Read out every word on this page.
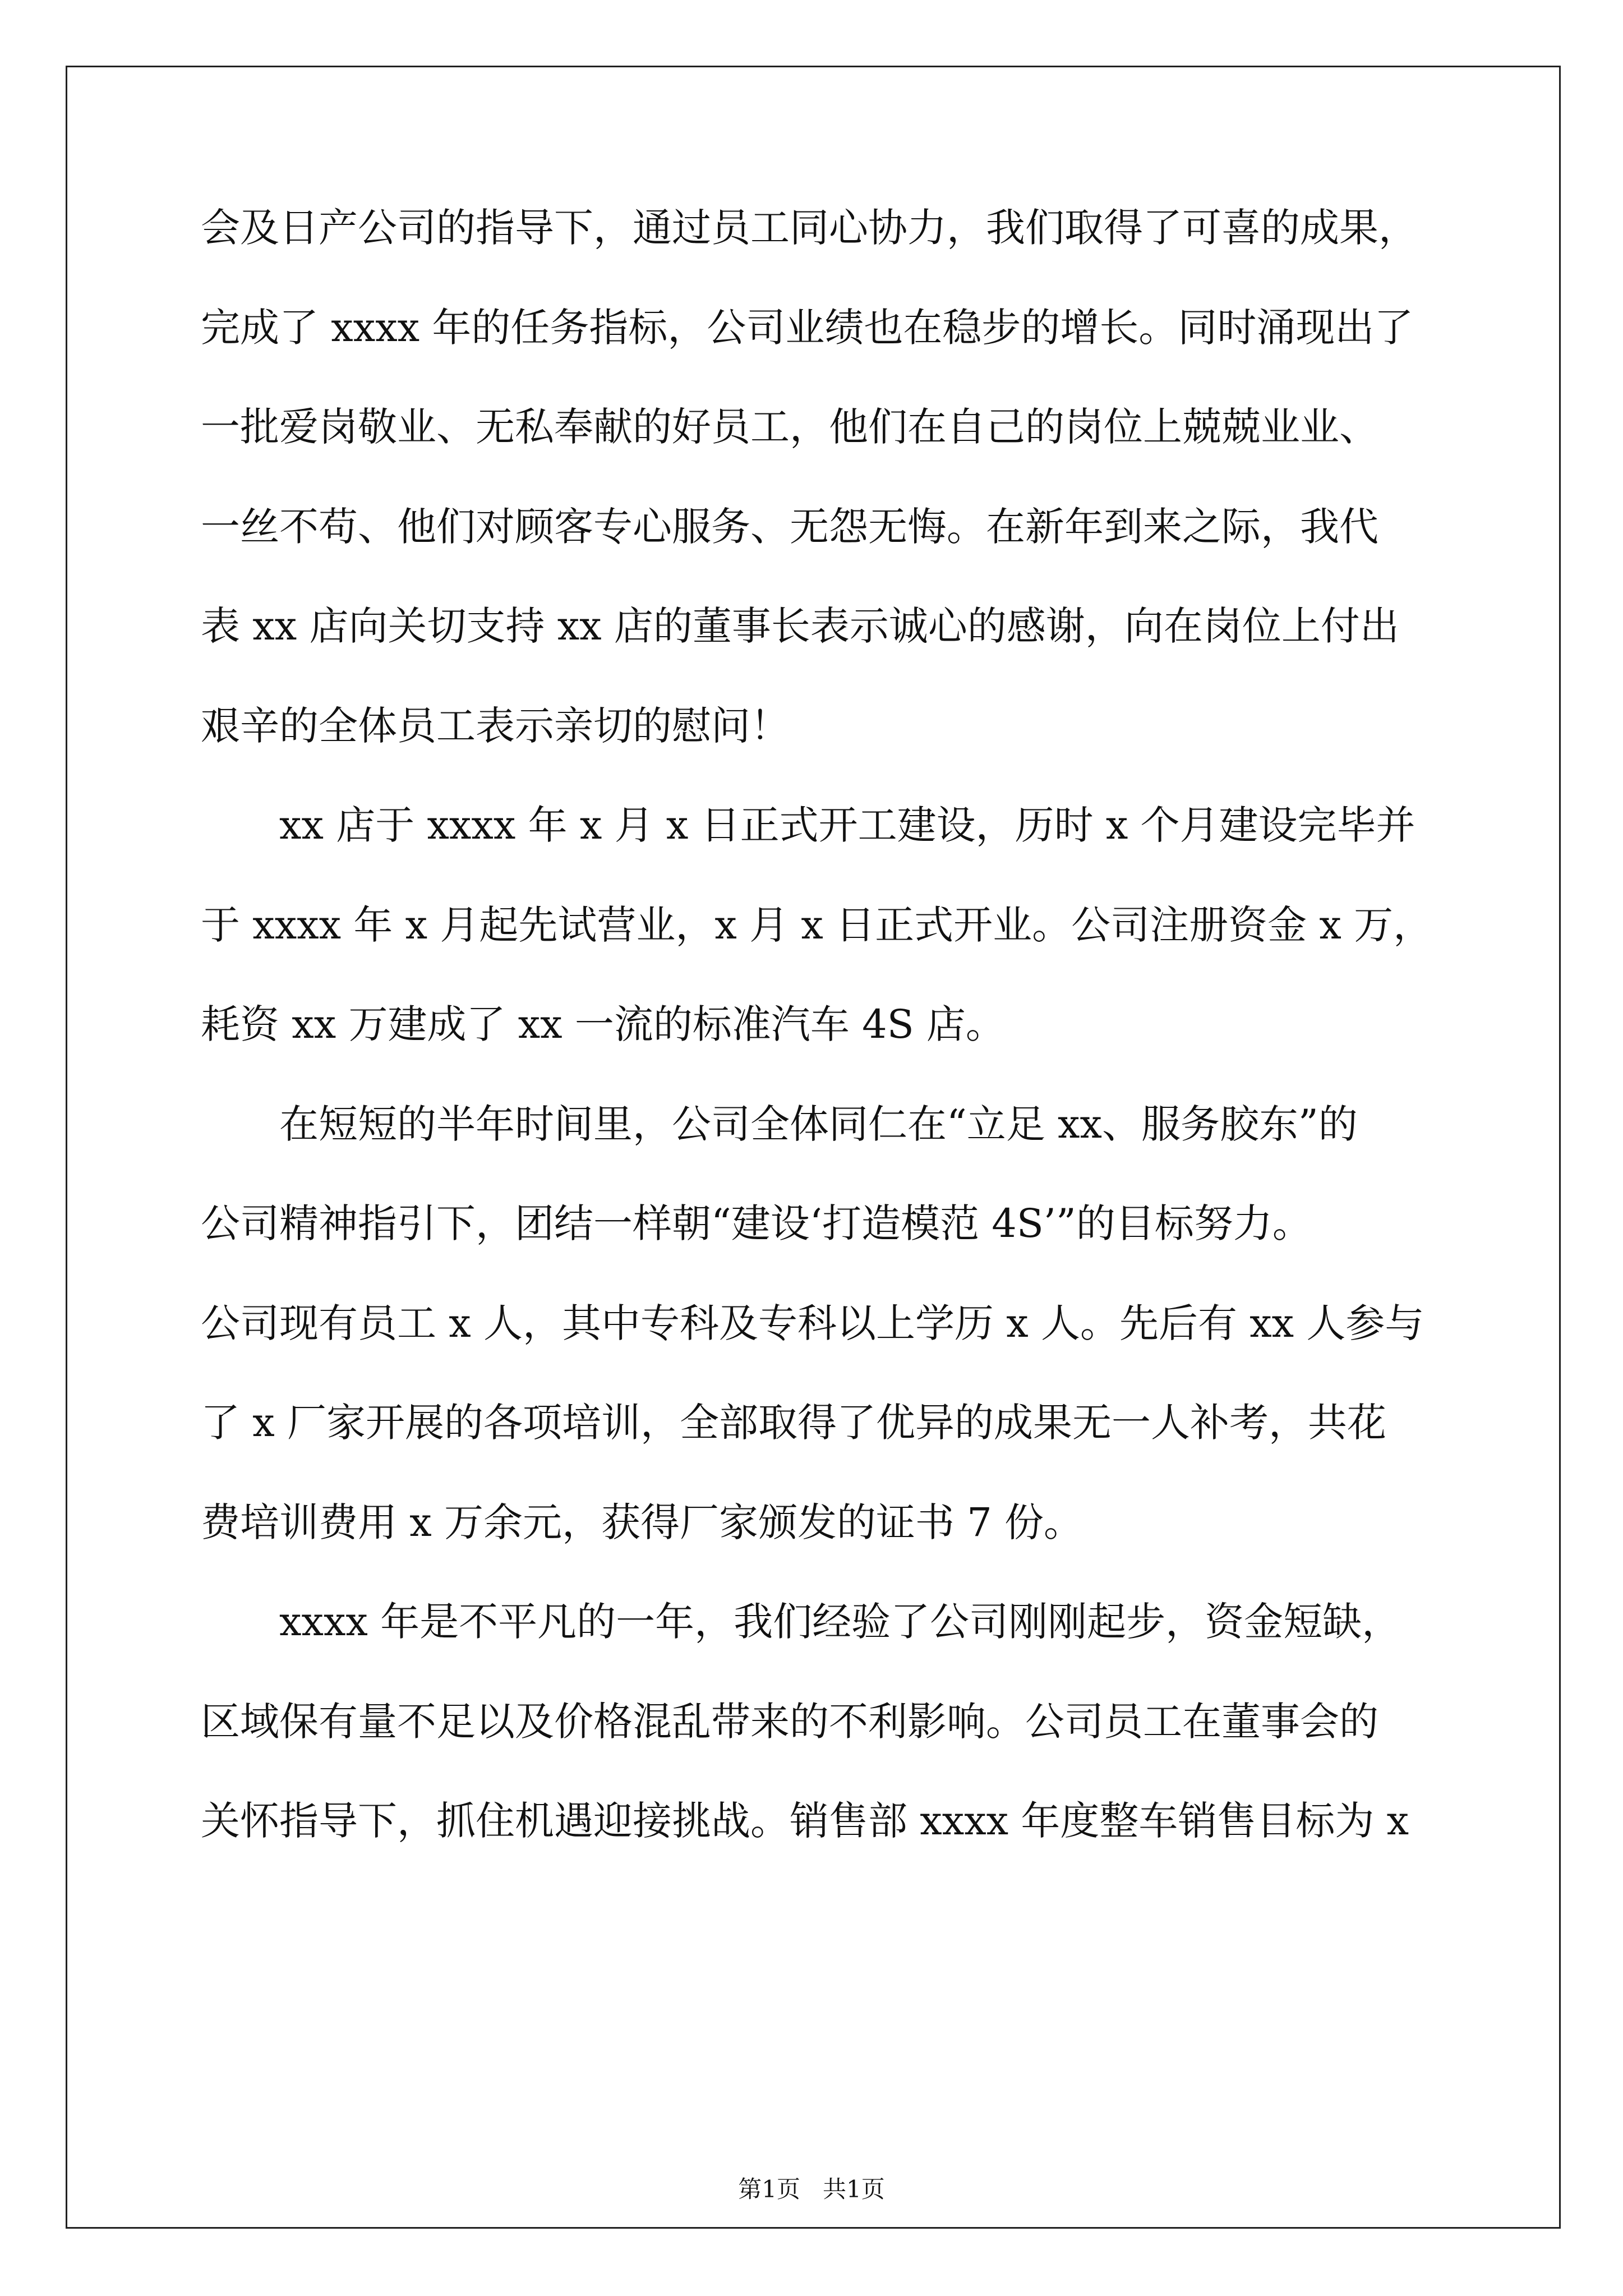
会及日产公司的指导下，通过员工同心协力，我们取得了可喜的成果，

完成了 xxxx 年的任务指标，公司业绩也在稳步的增长。同时涌现出了

一批爱岗敬业、无私奉献的好员工，他们在自己的岗位上兢兢业业、

一丝不苟、他们对顾客专心服务、无怨无悔。在新年到来之际，我代

表 xx 店向关切支持 xx 店的董事长表示诚心的感谢，向在岗位上付出

艰辛的全体员工表示亲切的慰问！

xx 店于 xxxx 年 x 月 x 日正式开工建设，历时 x 个月建设完毕并

于 xxxx 年 x 月起先试营业，x 月 x 日正式开业。公司注册资金 x 万，

耗资 xx 万建成了 xx 一流的标准汽车 4S 店。

在短短的半年时间里，公司全体同仁在“立足 xx、服务胶东”的

公司精神指引下，团结一样朝“建设‘打造模范 4S’”的目标努力。

公司现有员工 x 人，其中专科及专科以上学历 x 人。先后有 xx 人参与

了 x 厂家开展的各项培训，全部取得了优异的成果无一人补考，共花

费培训费用 x 万余元，获得厂家颁发的证书 7 份。

xxxx 年是不平凡的一年，我们经验了公司刚刚起步，资金短缺，

区域保有量不足以及价格混乱带来的不利影响。公司员工在董事会的

关怀指导下，抓住机遇迎接挑战。销售部 xxxx 年度整车销售目标为 x

第1页   共1页
